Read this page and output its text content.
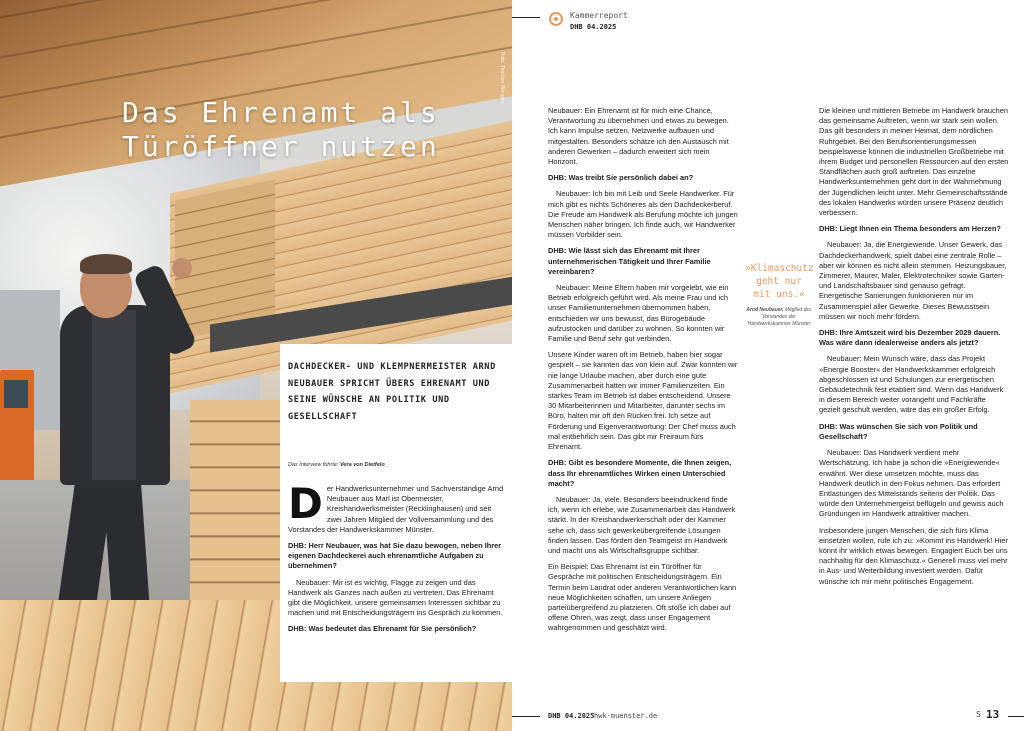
Foto: Thorben Wengert
Das Ehrenamt als
Türöffner nutzen

DACHDECKER- UND KLEMPNERMEISTER ARND NEUBAUER SPRICHT ÜBERS EHRENAMT UND SEINE WÜNSCHE AN POLITIK UND GESELLSCHAFT

Das Interview führte: Vera von Dietfelo_

Der Handwerksunternehmer und Sachverständige Arnd Neubauer aus Marl ist Obermeister, Kreishandwerksmeister (Recklinghausen) und seit zwei Jahren Mitglied der Vollversammlung und des Vorstandes der Handwerkskammer Münster.

DHB: Herr Neubauer, was hat Sie dazu bewogen, neben Ihrer eigenen Dachdeckerei auch ehrenamtliche Aufgaben zu übernehmen?

Neubauer: Mir ist es wichtig, Flagge zu zeigen und das Handwerk als Ganzes nach außen zu vertreten. Das Ehrenamt gibt die Möglichkeit, unsere gemeinsamen Interessen sichtbar zu machen und mit Entscheidungsträgern ins Gespräch zu kommen.

DHB: Was bedeutet das Ehrenamt für Sie persönlich?

Kammerreport

DHB 04.2025

Neubauer: Ein Ehrenamt ist für mich eine Chance, Verantwortung zu übernehmen und etwas zu bewegen. Ich kann Impulse setzen, Netzwerke aufbauen und mitgestalten. Besonders schätze ich den Austausch mit anderen Gewerken – dadurch erweitert sich mein Horizont.

DHB: Was treibt Sie persönlich dabei an?

Neubauer: Ich bin mit Leib und Seele Handwerker. Für mich gibt es nichts Schöneres als den Dachdeckerberuf. Die Freude am Handwerk als Berufung möchte ich jungen Menschen näher bringen. Ich finde auch, wir Handwerker müssen Vorbilder sein.

DHB: Wie lässt sich das Ehrenamt mit Ihrer unternehmerischen Tätigkeit und Ihrer Familie vereinbaren?

Neubauer: Meine Eltern haben mir vorgelebt, wie ein Betrieb erfolgreich geführt wird. Als meine Frau und ich unser Familienunternehmen übernommen haben, entschieden wir uns bewusst, das Bürogebäude aufzustocken und darüber zu wohnen. So konnten wir Familie und Beruf sehr gut verbinden.

Unsere Kinder waren oft im Betrieb, haben hier sogar gespielt – sie kannten das von klein auf. Zwar konnten wir nie lange Urlaube machen, aber durch eine gute Zusammenarbeit hatten wir immer Familienzeiten. Ein starkes Team im Betrieb ist dabei entscheidend. Unsere 30 Mitarbeiterinnen und Mitarbeiter, darunter sechs im Büro, halten mir oft den Rücken frei. Ich setze auf Förderung und Eigenverantwortung: Der Chef muss auch mal entbehrlich sein. Das gibt mir Freiraum fürs Ehrenamt.

DHB: Gibt es besondere Momente, die Ihnen zeigen, dass Ihr ehrenamtliches Wirken einen Unterschied macht?

Neubauer: Ja, viele. Besonders beeindruckend finde ich, wenn ich erlebe, wie Zusammenarbeit das Handwerk stärkt. In der Kreishandwerkerschaft oder der Kammer sehe ich, dass sich gewerkeübergreifende Lösungen finden lassen. Das fördert den Teamgeist im Handwerk und macht uns als Wirtschaftsgruppe sichtbar.

Ein Beispiel: Das Ehrenamt ist ein Türöffner für Gespräche mit politischen Entscheidungsträgern. Ein Termin beim Landrat oder anderen Verantwortlichen kann neue Möglichkeiten schaffen, um unsere Anliegen parteiübergreifend zu platzieren. Oft stoße ich dabei auf offene Ohren, was zeigt, dass unser Engagement wahrgenommen und geschätzt wird.

Die kleinen und mittleren Betriebe im Handwerk brauchen das gemeinsame Auftreten, wenn wir stark sein wollen. Das gilt besonders in meiner Heimat, dem nördlichen Ruhrgebiet. Bei den Berufsorientierungsmessen beispielsweise können die industriellen Großbetriebe mit ihrem Budget und personellen Ressourcen auf den ersten Standflächen auch groß auftreten. Das einzelne Handwerksunternehmen geht dort in der Wahrnehmung der Jugendlichen leicht unter. Mehr Gemeinschaftsstände des lokalen Handwerks würden unsere Präsenz deutlich verbessern.

DHB: Liegt Ihnen ein Thema besonders am Herzen?

Neubauer: Ja, die Energiewende. Unser Gewerk, das Dachdeckerhandwerk, spielt dabei eine zentrale Rolle – aber wir können es nicht allein stemmen. Heizungsbauer, Zimmerer, Maurer, Maler, Elektrotechniker sowie Garten- und Landschaftsbauer sind genauso gefragt. Energetische Sanierungen funktionieren nur im Zusammenspiel aller Gewerke. Dieses Bewusstsein müssen wir noch mehr fördern.

DHB: Ihre Amtszeit wird bis Dezember 2029 dauern. Was wäre dann idealerweise anders als jetzt?

Neubauer: Mein Wunsch wäre, dass das Projekt »Energie Booster« der Handwerkskammer erfolgreich abgeschlossen ist und Schulungen zur energetischen Gebäudetechnik fest etabliert sind. Wenn das Handwerk in diesem Bereich weiter vorangeht und Fachkräfte gezielt geschult werden, wäre das ein großer Erfolg.

DHB: Was wünschen Sie sich von Politik und Gesellschaft?

Neubauer: Das Handwerk verdient mehr Wertschätzung. Ich habe ja schon die »Energiewende« erwähnt. Wer diese umsetzen möchte, muss das Handwerk deutlich in den Fokus nehmen. Das erfordert Entlastungen des Mittelstands seitens der Politik. Das würde den Unternehmergeist beflügeln und gewiss auch Gründungen im Handwerk attraktiver machen.

Insbesondere jungen Menschen, die sich fürs Klima einsetzen wollen, rufe ich zu: »Kommt ins Handwerk! Hier könnt ihr wirklich etwas bewegen. Engagiert Euch bei uns nachhaltig für den Klimaschutz.« Generell muss viel mehr in Aus- und Weiterbildung investiert werden. Dafür wünsche ich mir mehr politisches Engagement.

»Klimaschutz geht nur mit uns.«

Arnd Neubauer, Mitglied des Vorstandes der Handwerkskammer Münster

DHB 04.2025 hwk-muenster.de	S 13
